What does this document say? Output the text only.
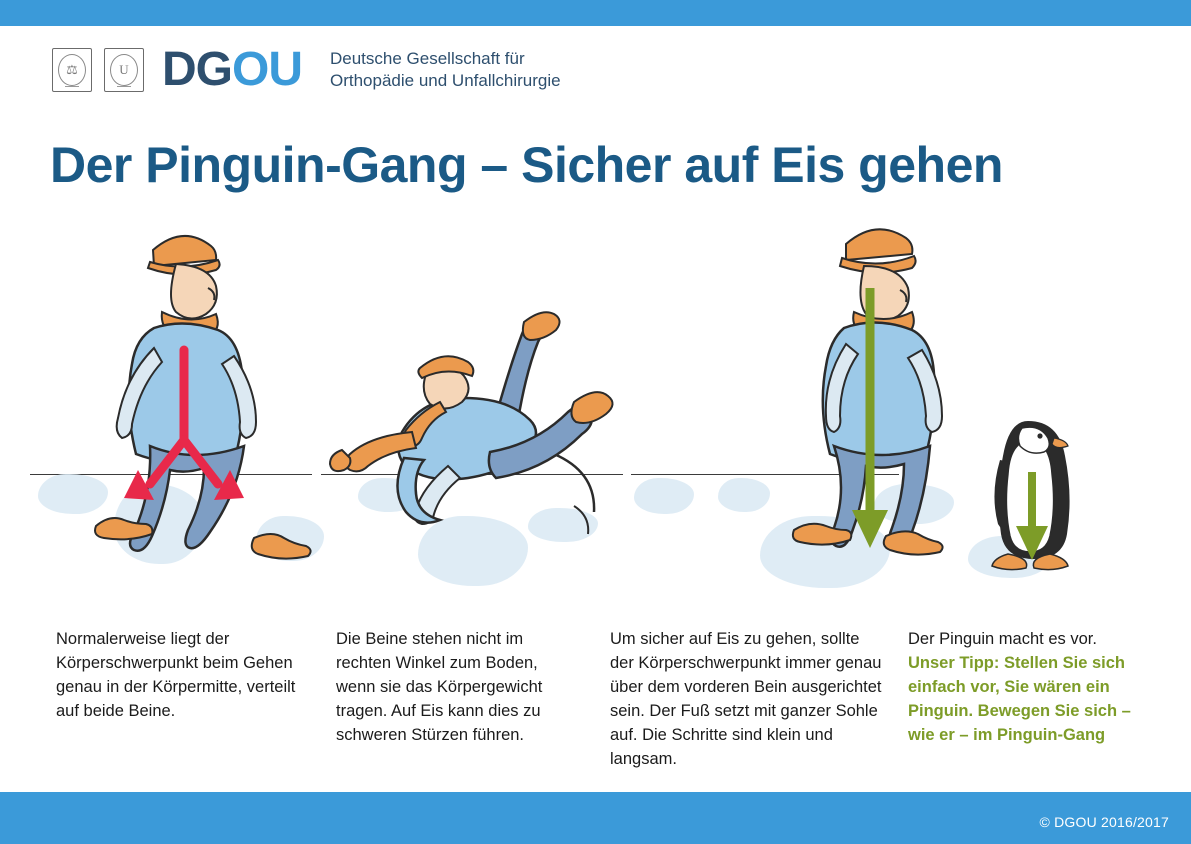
⚖	U DG OU Deutsche Gesellschaft für
Orthopädie und Unfallchirurgie
Der Pinguin-Gang – Sicher auf Eis gehen

Normalerweise liegt der Körperschwerpunkt beim Gehen genau in der Körpermitte, verteilt auf beide Beine.

Die Beine stehen nicht im rechten Winkel zum Boden, wenn sie das Körpergewicht tragen. Auf Eis kann dies zu schweren Stürzen führen.

Um sicher auf Eis zu gehen, sollte der Körperschwerpunkt immer genau über dem vorderen Bein ausgerichtet sein. Der Fuß setzt mit ganzer Sohle auf. Die Schritte sind klein und langsam.

Der Pinguin macht es vor.

Unser Tipp: Stellen Sie sich einfach vor, Sie wären ein Pinguin. Bewegen Sie sich – wie er – im Pinguin-Gang

© DGOU 2016/2017
